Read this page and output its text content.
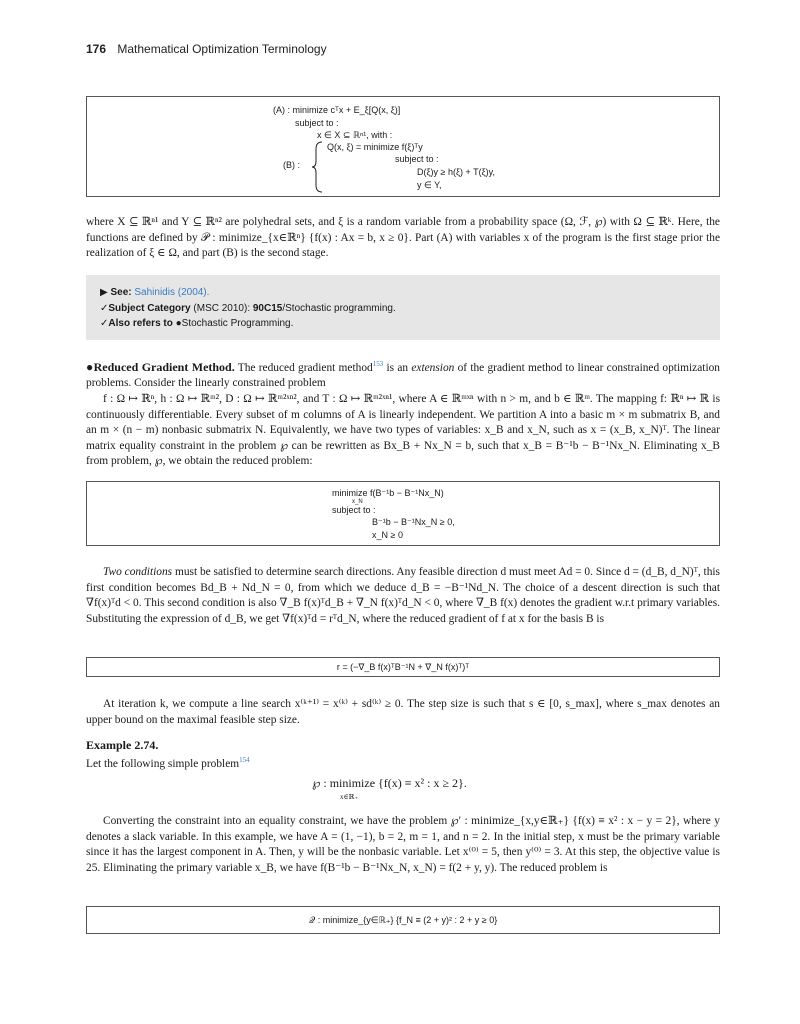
176 Mathematical Optimization Terminology
(A) : minimize cᵀx + E_ξ[Q(x, ξ)]
subject to :
x ∈ X ⊆ ℝⁿ¹, with :
(B) :
Q(x, ξ) = minimize f(ξ)ᵀy
subject to :
D(ξ)y ≥ h(ξ) + T(ξ)y,
y ∈ Y,

where X ⊆ ℝⁿ¹ and Y ⊆ ℝⁿ² are polyhedral sets, and ξ is a random variable from a probability space (Ω, ℱ, ℘) with Ω ⊆ ℝᵏ. Here, the functions are defined by 𝒫 : minimize_{x∈ℝⁿ} {f(x) : Ax = b, x ≥ 0}. Part (A) with variables x of the program is the first stage prior the realization of ξ ∈ Ω, and part (B) is the second stage.

▶ See: Sahinidis (2004).
✓Subject Category (MSC 2010): 90C15/Stochastic programming.
✓Also refers to ●Stochastic Programming.

●Reduced Gradient Method. The reduced gradient method$^{153}$ is an extension of the gradient method to linear constrained optimization problems. Consider the linearly constrained problem

f : Ω ↦ ℝⁿ, h : Ω ↦ ℝᵐ², D : Ω ↦ ℝᵐ²ˣⁿ², and T : Ω ↦ ℝᵐ²ˣⁿ¹, where A ∈ ℝᵐˣⁿ with n > m, and b ∈ ℝᵐ. The mapping f: ℝⁿ ↦ ℝ is continuously differentiable. Every subset of m columns of A is linearly independent. We partition A into a basic m × m submatrix B, and an m × (n − m) nonbasic submatrix N. Equivalently, we have two types of variables: x_B and x_N, such as x = (x_B, x_N)ᵀ. The linear matrix equality constraint in the problem ℘ can be rewritten as Bx_B + Nx_N = b, such that x_B = B⁻¹b − B⁻¹Nx_N. Eliminating x_B from problem, ℘, we obtain the reduced problem:

minimize f(B⁻¹b − B⁻¹Nx_N)
x_N
subject to :
B⁻¹b − B⁻¹Nx_N ≥ 0,
x_N ≥ 0

Two conditions must be satisfied to determine search directions. Any feasible direction d must meet Ad = 0. Since d = (d_B, d_N)ᵀ, this first condition becomes Bd_B + Nd_N = 0, from which we deduce d_B = −B⁻¹Nd_N. The choice of a descent direction is such that ∇f(x)ᵀd < 0. This second condition is also ∇_B f(x)ᵀd_B + ∇_N f(x)ᵀd_N < 0, where ∇_B f(x) denotes the gradient w.r.t primary variables. Substituting the expression of d_B, we get ∇f(x)ᵀd = rᵀd_N, where the reduced gradient of f at x for the basis B is

r = (−∇_B f(x)ᵀB⁻¹N + ∇_N f(x)ᵀ)ᵀ

At iteration k, we compute a line search x⁽ᵏ⁺¹⁾ = x⁽ᵏ⁾ + sd⁽ᵏ⁾ ≥ 0. The step size is such that s ∈ [0, s_max], where s_max denotes an upper bound on the maximal feasible step size.

Example 2.74.

Let the following simple problem$^{154}$

℘ : minimize {f(x) ≡ x² : x ≥ 2}.
x∈ℝ₊

Converting the constraint into an equality constraint, we have the problem ℘′ : minimize_{x,y∈ℝ₊} {f(x) ≡ x² : x − y = 2}, where y denotes a slack variable. In this example, we have A = (1, −1), b = 2, m = 1, and n = 2. In the initial step, x must be the primary variable since it has the largest component in A. Then, y will be the nonbasic variable. Let x⁽⁰⁾ = 5, then y⁽⁰⁾ = 3. At this step, the objective value is 25. Eliminating the primary variable x_B, we have f(B⁻¹b − B⁻¹Nx_N, x_N) = f(2 + y, y). The reduced problem is

𝒬 : minimize_{y∈ℝ₊} {f_N ≡ (2 + y)² : 2 + y ≥ 0}
